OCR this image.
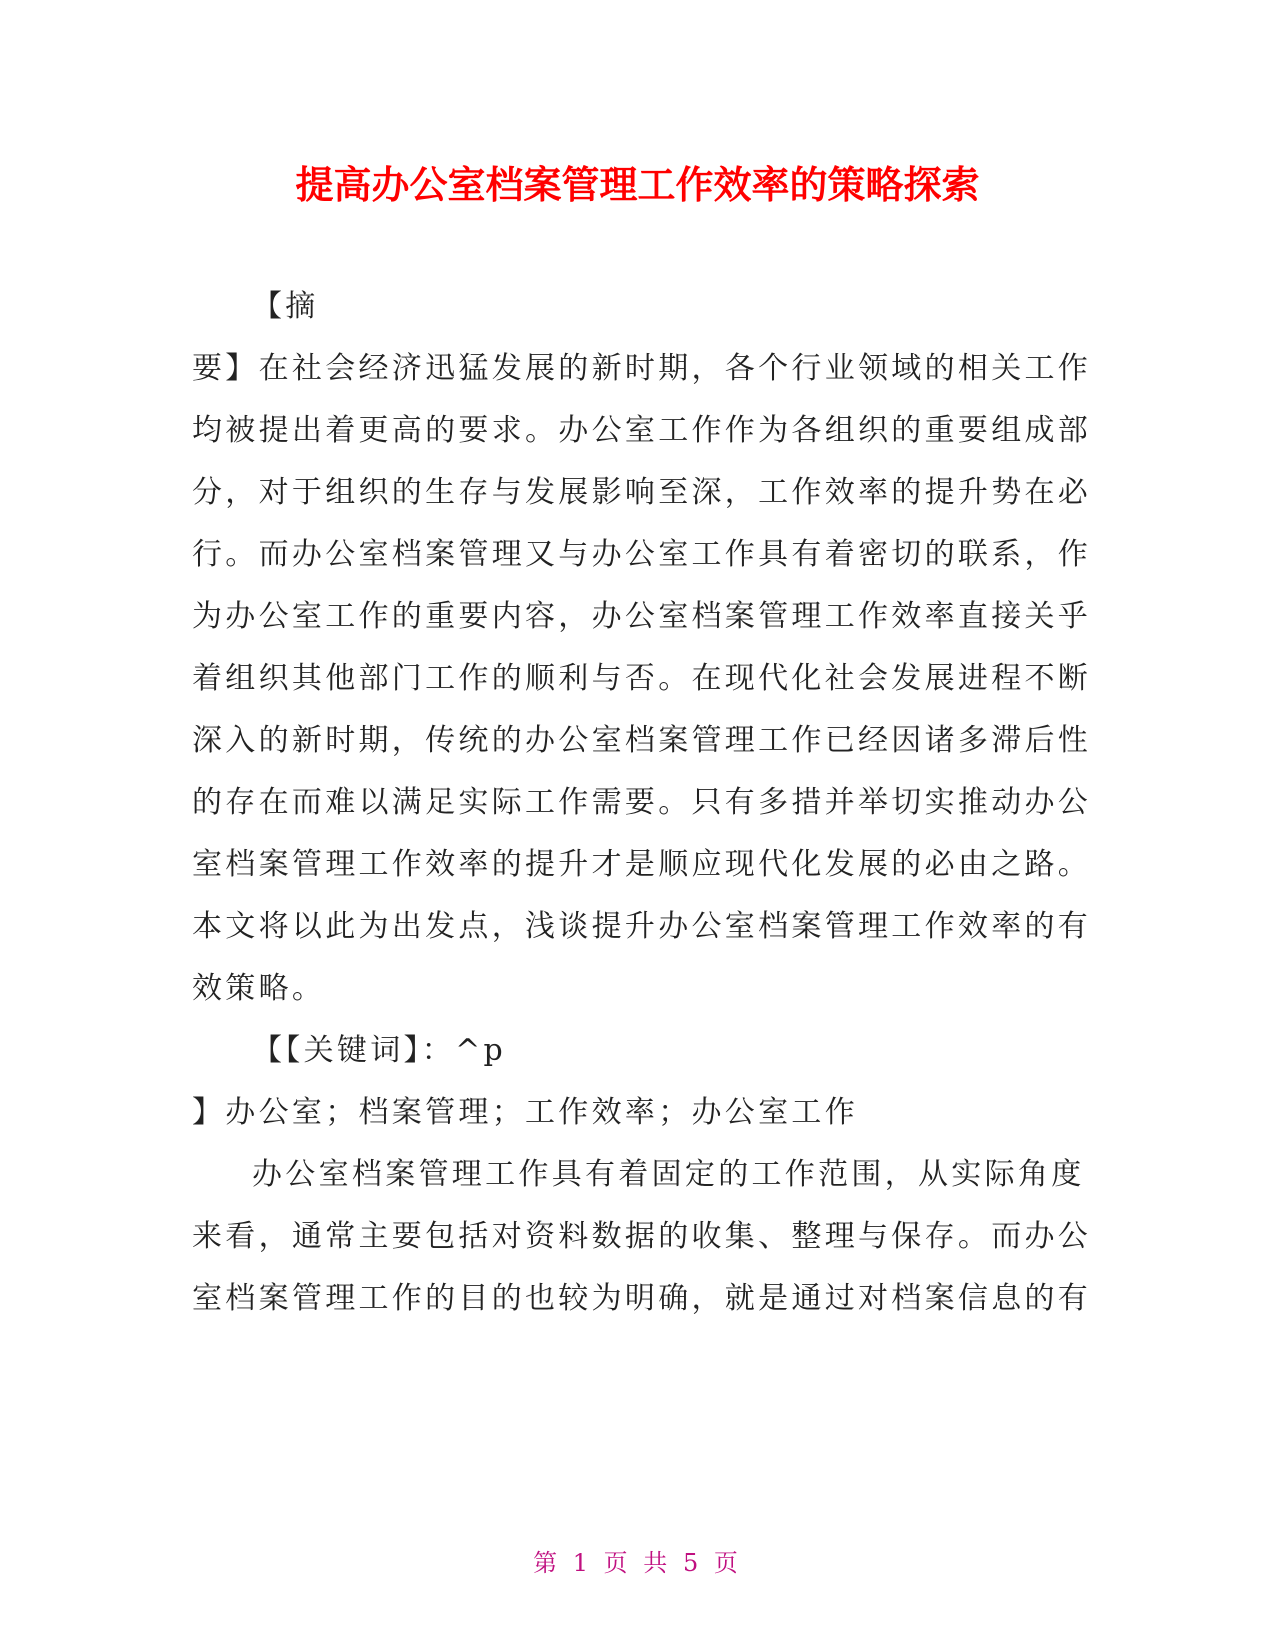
提高办公室档案管理工作效率的策略探索
【摘
要】在社会经济迅猛发展的新时期，各个行业领域的相关工作
均被提出着更高的要求。办公室工作作为各组织的重要组成部
分，对于组织的生存与发展影响至深，工作效率的提升势在必
行。而办公室档案管理又与办公室工作具有着密切的联系，作
为办公室工作的重要内容，办公室档案管理工作效率直接关乎
着组织其他部门工作的顺利与否。在现代化社会发展进程不断
深入的新时期，传统的办公室档案管理工作已经因诸多滞后性
的存在而难以满足实际工作需要。只有多措并举切实推动办公
室档案管理工作效率的提升才是顺应现代化发展的必由之路。
本文将以此为出发点，浅谈提升办公室档案管理工作效率的有
效策略。
【【关键词】：^p
】办公室；档案管理；工作效率；办公室工作
办公室档案管理工作具有着固定的工作范围，从实际角度
来看，通常主要包括对资料数据的收集、整理与保存。而办公
室档案管理工作的目的也较为明确，就是通过对档案信息的有
第 1 页 共 5 页
